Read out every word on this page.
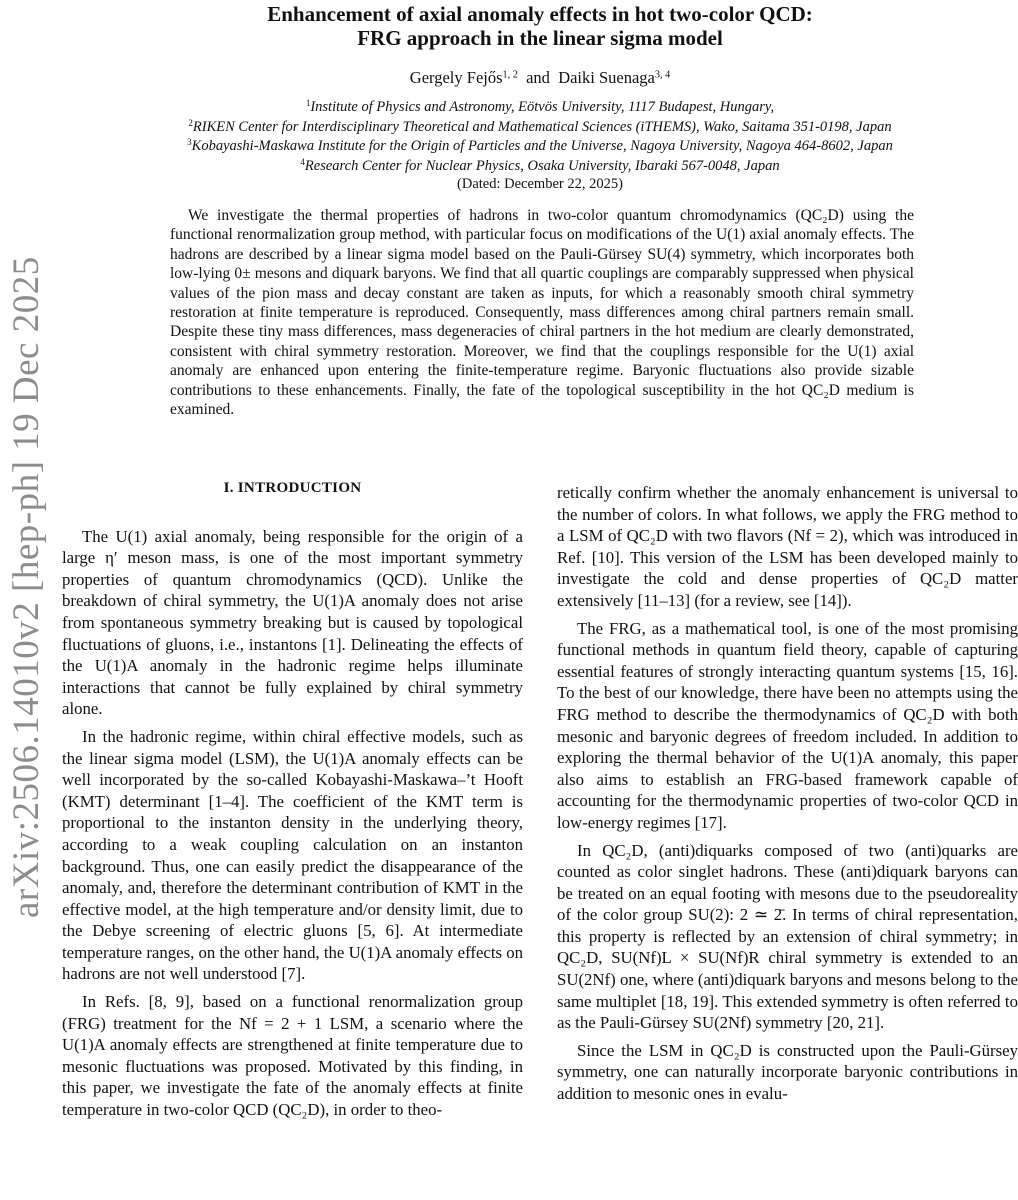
arXiv:2506.14010v2 [hep-ph] 19 Dec 2025
Enhancement of axial anomaly effects in hot two-color QCD:
FRG approach in the linear sigma model
Gergely Fejős$^{1, 2}$ and Daiki Suenaga$^{3, 4}$
$^1$Institute of Physics and Astronomy, Eötvös University, 1117 Budapest, Hungary,
$^2$RIKEN Center for Interdisciplinary Theoretical and Mathematical Sciences (iTHEMS), Wako, Saitama 351-0198, Japan
$^3$Kobayashi-Maskawa Institute for the Origin of Particles and the Universe, Nagoya University, Nagoya 464-8602, Japan
$^4$Research Center for Nuclear Physics, Osaka University, Ibaraki 567-0048, Japan
(Dated: December 22, 2025)
We investigate the thermal properties of hadrons in two-color quantum chromodynamics (QC₂D) using the functional renormalization group method, with particular focus on modifications of the U(1) axial anomaly effects. The hadrons are described by a linear sigma model based on the Pauli-Gürsey SU(4) symmetry, which incorporates both low-lying 0± mesons and diquark baryons. We find that all quartic couplings are comparably suppressed when physical values of the pion mass and decay constant are taken as inputs, for which a reasonably smooth chiral symmetry restoration at finite temperature is reproduced. Consequently, mass differences among chiral partners remain small. Despite these tiny mass differences, mass degeneracies of chiral partners in the hot medium are clearly demonstrated, consistent with chiral symmetry restoration. Moreover, we find that the couplings responsible for the U(1) axial anomaly are enhanced upon entering the finite-temperature regime. Baryonic fluctuations also provide sizable contributions to these enhancements. Finally, the fate of the topological susceptibility in the hot QC₂D medium is examined.
I. INTRODUCTION

The U(1) axial anomaly, being responsible for the origin of a large η′ meson mass, is one of the most important symmetry properties of quantum chromodynamics (QCD). Unlike the breakdown of chiral symmetry, the U(1)A anomaly does not arise from spontaneous symmetry breaking but is caused by topological fluctuations of gluons, i.e., instantons [1]. Delineating the effects of the U(1)A anomaly in the hadronic regime helps illuminate interactions that cannot be fully explained by chiral symmetry alone.

In the hadronic regime, within chiral effective models, such as the linear sigma model (LSM), the U(1)A anomaly effects can be well incorporated by the so-called Kobayashi-Maskawa–’t Hooft (KMT) determinant [1–4]. The coefficient of the KMT term is proportional to the instanton density in the underlying theory, according to a weak coupling calculation on an instanton background. Thus, one can easily predict the disappearance of the anomaly, and, therefore the determinant contribution of KMT in the effective model, at the high temperature and/or density limit, due to the Debye screening of electric gluons [5, 6]. At intermediate temperature ranges, on the other hand, the U(1)A anomaly effects on hadrons are not well understood [7].

In Refs. [8, 9], based on a functional renormalization group (FRG) treatment for the Nf = 2 + 1 LSM, a scenario where the U(1)A anomaly effects are strengthened at finite temperature due to mesonic fluctuations was proposed. Motivated by this finding, in this paper, we investigate the fate of the anomaly effects at finite temperature in two-color QCD (QC₂D), in order to theo-

retically confirm whether the anomaly enhancement is universal to the number of colors. In what follows, we apply the FRG method to a LSM of QC₂D with two flavors (Nf = 2), which was introduced in Ref. [10]. This version of the LSM has been developed mainly to investigate the cold and dense properties of QC₂D matter extensively [11–13] (for a review, see [14]).

The FRG, as a mathematical tool, is one of the most promising functional methods in quantum field theory, capable of capturing essential features of strongly interacting quantum systems [15, 16]. To the best of our knowledge, there have been no attempts using the FRG method to describe the thermodynamics of QC₂D with both mesonic and baryonic degrees of freedom included. In addition to exploring the thermal behavior of the U(1)A anomaly, this paper also aims to establish an FRG-based framework capable of accounting for the thermodynamic properties of two-color QCD in low-energy regimes [17].

In QC₂D, (anti)diquarks composed of two (anti)quarks are counted as color singlet hadrons. These (anti)diquark baryons can be treated on an equal footing with mesons due to the pseudoreality of the color group SU(2): 2 ≃ 2̄. In terms of chiral representation, this property is reflected by an extension of chiral symmetry; in QC₂D, SU(Nf)L × SU(Nf)R chiral symmetry is extended to an SU(2Nf) one, where (anti)diquark baryons and mesons belong to the same multiplet [18, 19]. This extended symmetry is often referred to as the Pauli-Gürsey SU(2Nf) symmetry [20, 21].

Since the LSM in QC₂D is constructed upon the Pauli-Gürsey symmetry, one can naturally incorporate baryonic contributions in addition to mesonic ones in evalu-
